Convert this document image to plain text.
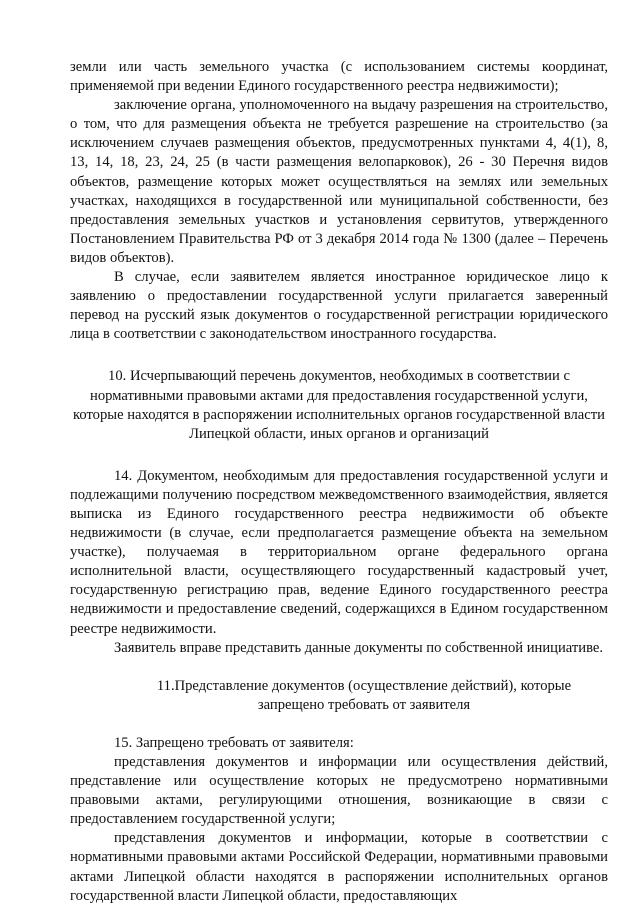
земли или часть земельного участка (с использованием системы координат, применяемой при ведении Единого государственного реестра недвижимости);

заключение органа, уполномоченного на выдачу разрешения на строительство, о том, что для размещения объекта не требуется разрешение на строительство (за исключением случаев размещения объектов, предусмотренных пунктами 4, 4(1), 8, 13, 14, 18, 23, 24, 25 (в части размещения велопарковок), 26 - 30 Перечня видов объектов, размещение которых может осуществляться на землях или земельных участках, находящихся в государственной или муниципальной собственности, без предоставления земельных участков и установления сервитутов, утвержденного Постановлением Правительства РФ от 3 декабря 2014 года № 1300 (далее – Перечень видов объектов).

В случае, если заявителем является иностранное юридическое лицо к заявлению о предоставлении государственной услуги прилагается заверенный перевод на русский язык документов о государственной регистрации юридического лица в соответствии с законодательством иностранного государства.

10. Исчерпывающий перечень документов, необходимых в соответствии с нормативными правовыми актами для предоставления государственной услуги, которые находятся в распоряжении исполнительных органов государственной власти Липецкой области, иных органов и организаций

14. Документом, необходимым для предоставления государственной услуги и подлежащими получению посредством межведомственного взаимодействия, является выписка из Единого государственного реестра недвижимости об объекте недвижимости (в случае, если предполагается размещение объекта на земельном участке), получаемая в территориальном органе федерального органа исполнительной власти, осуществляющего государственный кадастровый учет, государственную регистрацию прав, ведение Единого государственного реестра недвижимости и предоставление сведений, содержащихся в Едином государственном реестре недвижимости.

Заявитель вправе представить данные документы по собственной инициативе.

11.Представление документов (осуществление действий), которые запрещено требовать от заявителя

15. Запрещено требовать от заявителя:

представления документов и информации или осуществления действий, представление или осуществление которых не предусмотрено нормативными правовыми актами, регулирующими отношения, возникающие в связи с предоставлением государственной услуги;

представления документов и информации, которые в соответствии с нормативными правовыми актами Российской Федерации, нормативными правовыми актами Липецкой области находятся в распоряжении исполнительных органов государственной власти Липецкой области, предоставляющих
